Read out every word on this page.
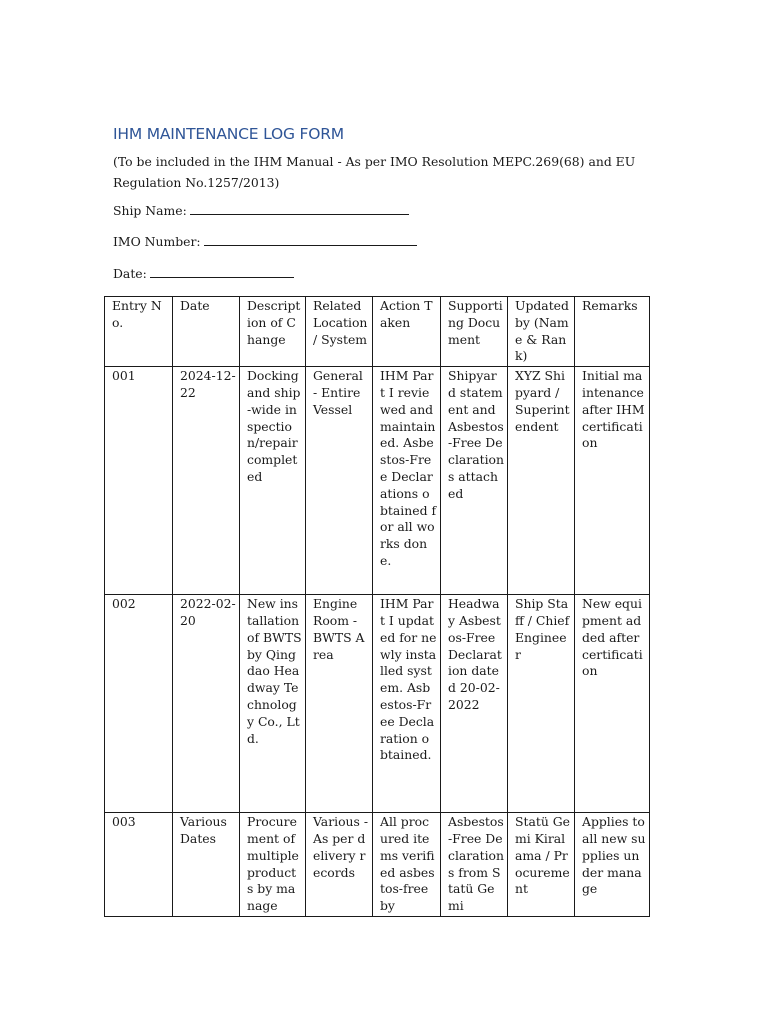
IHM MAINTENANCE LOG FORM
(To be included in the IHM Manual - As per IMO Resolution MEPC.269(68) and EU Regulation No.1257/2013)
Ship Name:
IMO Number:
Date:
Entry No.	Date	Description of Change	Related Location / System	Action Taken	Supporting Document	Updated by (Name & Rank)	Remarks
001	2024-12-22	Docking and ship-wide inspection/repair completed	General - Entire Vessel	IHM Part I reviewed and maintained. Asbestos-Free Declarations obtained for all works done.	Shipyard statement and Asbestos-Free Declarations attached	XYZ Shipyard / Superintendent	Initial maintenance after IHM certification
002	2022-02-20	New installation of BWTS by Qingdao Headway Technology Co., Ltd.	Engine Room - BWTS Area	IHM Part I updated for newly installed system. Asbestos-Free Declaration obtained.	Headway Asbestos-Free Declaration dated 20-02-2022	Ship Staff / Chief Engineer	New equipment added after certification
003	Various Dates	Procurement of multiple products by manage	Various - As per delivery records	All procured items verified asbestos-free by	Asbestos-Free Declarations from Statü Gemi	Statü Gemi Kiralama / Procurement	Applies to all new supplies under manage
